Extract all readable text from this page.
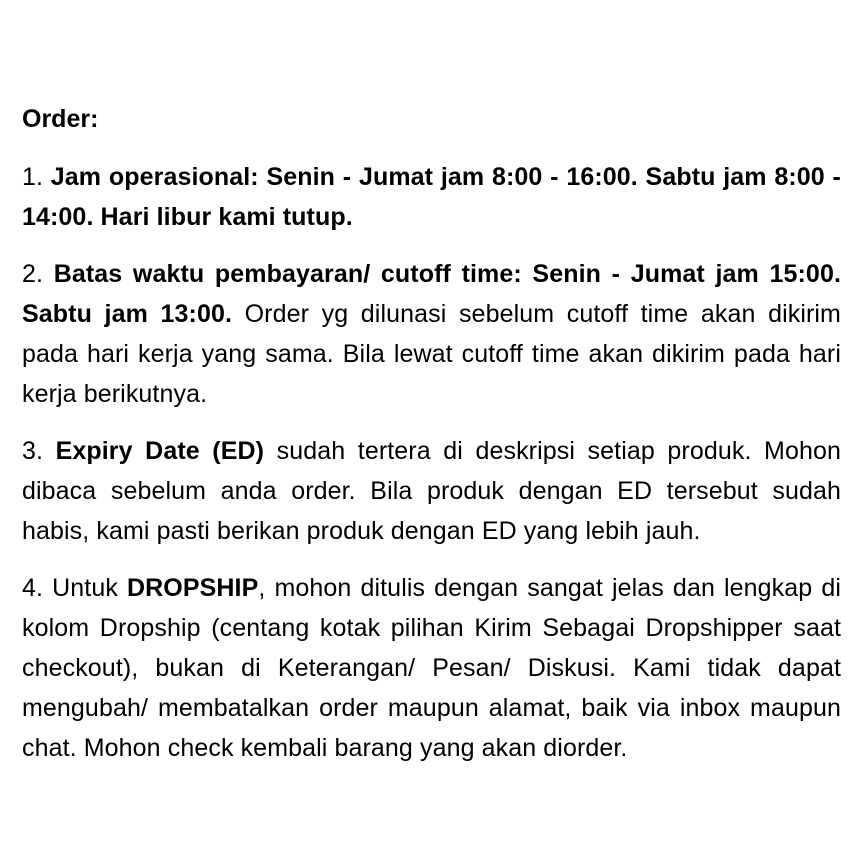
Order:

1. Jam operasional: Senin - Jumat jam 8:00 - 16:00. Sabtu jam 8:00 - 14:00. Hari libur kami tutup.

2. Batas waktu pembayaran/ cutoff time: Senin - Jumat jam 15:00. Sabtu jam 13:00. Order yg dilunasi sebelum cutoff time akan dikirim pada hari kerja yang sama. Bila lewat cutoff time akan dikirim pada hari kerja berikutnya.

3. Expiry Date (ED) sudah tertera di deskripsi setiap produk. Mohon dibaca sebelum anda order. Bila produk dengan ED tersebut sudah habis, kami pasti berikan produk dengan ED yang lebih jauh.

4. Untuk DROPSHIP, mohon ditulis dengan sangat jelas dan lengkap di kolom Dropship (centang kotak pilihan Kirim Sebagai Dropshipper saat checkout), bukan di Keterangan/ Pesan/ Diskusi. Kami tidak dapat mengubah/ membatalkan order maupun alamat, baik via inbox maupun chat. Mohon check kembali barang yang akan diorder.
